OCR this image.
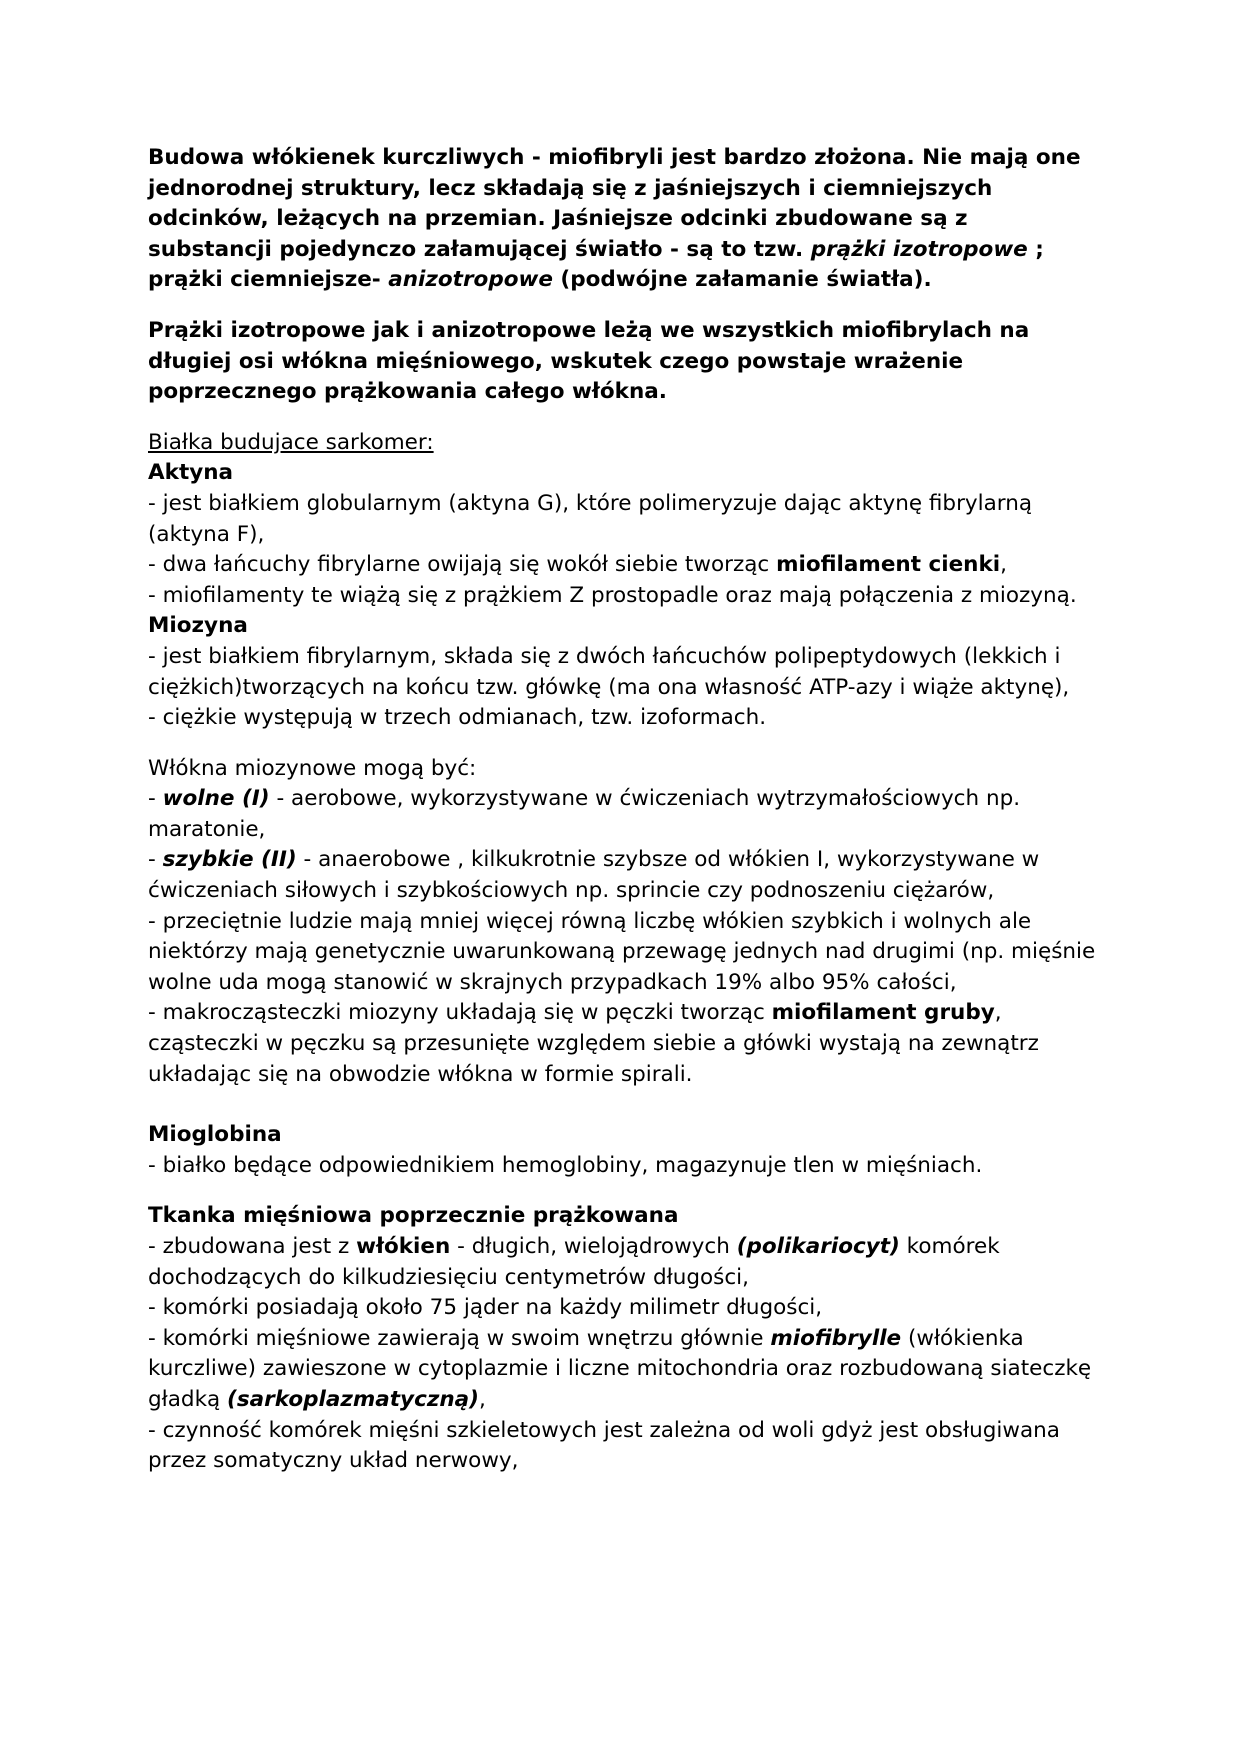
Budowa włókienek kurczliwych - miofibryli jest bardzo złożona. Nie mają one jednorodnej struktury, lecz składają się z jaśniejszych i ciemniejszych odcinków, leżących na przemian. Jaśniejsze odcinki zbudowane są z substancji pojedynczo załamującej światło - są to tzw. prążki izotropowe ; prążki ciemniejsze- anizotropowe (podwójne załamanie światła).

Prążki izotropowe jak i anizotropowe leżą we wszystkich miofibrylach na długiej osi włókna mięśniowego, wskutek czego powstaje wrażenie poprzecznego prążkowania całego włókna.

Białka budujace sarkomer:

Aktyna

- jest białkiem globularnym (aktyna G), które polimeryzuje dając aktynę fibrylarną (aktyna F),

- dwa łańcuchy fibrylarne owijają się wokół siebie tworząc miofilament cienki,

- miofilamenty te wiążą się z prążkiem Z prostopadle oraz mają połączenia z miozyną.

Miozyna

- jest białkiem fibrylarnym, składa się z dwóch łańcuchów polipeptydowych (lekkich i ciężkich)tworzących na końcu tzw. główkę (ma ona własność ATP-azy i wiąże aktynę),

- ciężkie występują w trzech odmianach, tzw. izoformach.

Włókna miozynowe mogą być:

- wolne (I) - aerobowe, wykorzystywane w ćwiczeniach wytrzymałościowych np. maratonie,

- szybkie (II) - anaerobowe , kilkukrotnie szybsze od włókien I, wykorzystywane w ćwiczeniach siłowych i szybkościowych np. sprincie czy podnoszeniu ciężarów,

- przeciętnie ludzie mają mniej więcej równą liczbę włókien szybkich i wolnych ale niektórzy mają genetycznie uwarunkowaną przewagę jednych nad drugimi (np. mięśnie wolne uda mogą stanowić w skrajnych przypadkach 19% albo 95% całości,

- makrocząsteczki miozyny układają się w pęczki tworząc miofilament gruby, cząsteczki w pęczku są przesunięte względem siebie a główki wystają na zewnątrz układając się na obwodzie włókna w formie spirali.

Mioglobina

- białko będące odpowiednikiem hemoglobiny, magazynuje tlen w mięśniach.

Tkanka mięśniowa poprzecznie prążkowana

- zbudowana jest z włókien - długich, wielojądrowych (polikariocyt) komórek dochodzących do kilkudziesięciu centymetrów długości,

- komórki posiadają około 75 jąder na każdy milimetr długości,

- komórki mięśniowe zawierają w swoim wnętrzu głównie miofibrylle (włókienka kurczliwe) zawieszone w cytoplazmie i liczne mitochondria oraz rozbudowaną siateczkę gładką (sarkoplazmatyczną),

- czynność komórek mięśni szkieletowych jest zależna od woli gdyż jest obsługiwana przez somatyczny układ nerwowy,
